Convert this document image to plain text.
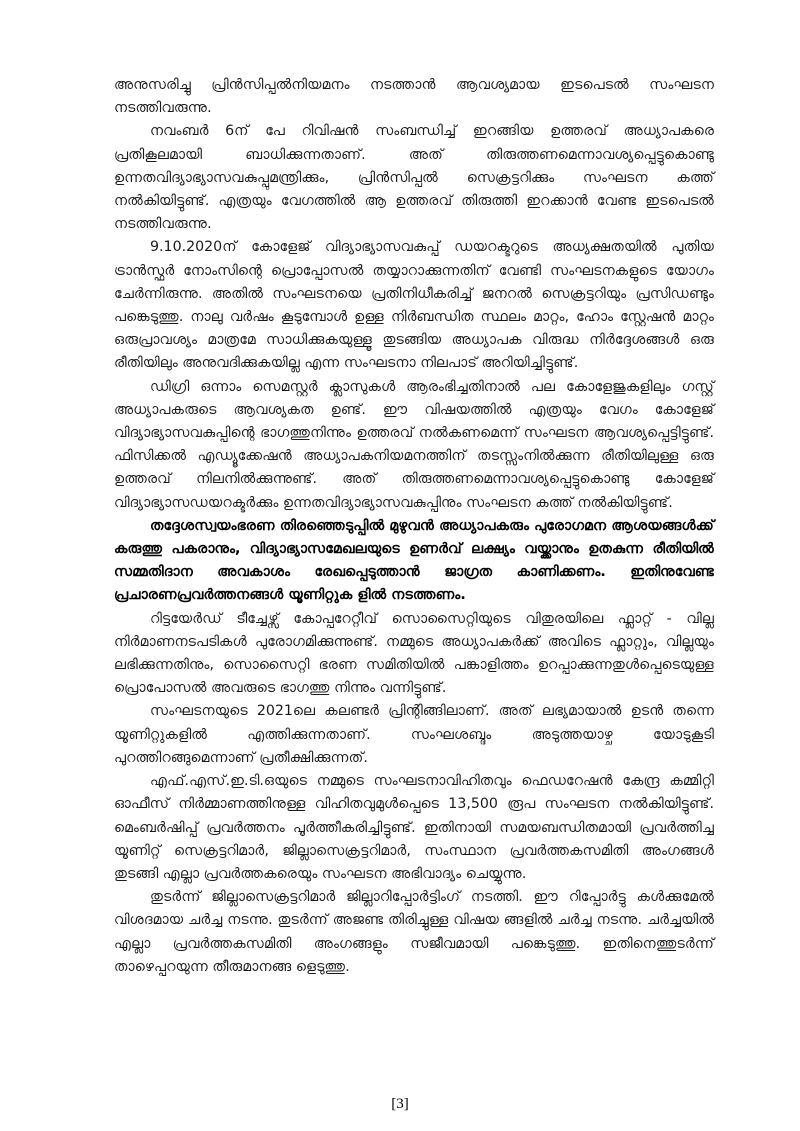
അനുസരിച്ചു പ്രിൻസിപ്പൽനിയമനം നടത്താൻ ആവശ്യമായ ഇടപെടൽ സംഘടന നടത്തിവരുന്നു.

നവംബർ 6ന് പേ റിവിഷൻ സംബന്ധിച്ച് ഇറങ്ങിയ ഉത്തരവ് അധ്യാപകരെ പ്രതികൂലമായി ബാധിക്കുന്നതാണ്. അത് തിരുത്തണമെന്നാവശ്യപ്പെട്ടുകൊണ്ടു ഉന്നതവിദ്യാഭ്യാസവകുപ്പുമന്ത്രിക്കും, പ്രിൻസിപ്പൽ സെക്രട്ടറിക്കും സംഘടന കത്ത് നൽകിയിട്ടുണ്ട്. എത്രയും വേഗത്തിൽ ആ ഉത്തരവ് തിരുത്തി ഇറക്കാൻ വേണ്ട ഇടപെടൽ നടത്തിവരുന്നു.

9.10.2020ന് കോളേജ് വിദ്യാഭ്യാസവകുപ്പ് ഡയറക്ടറുടെ അധ്യക്ഷതയിൽ പുതിയ ട്രാൻസ്ഫർ നോംസിന്റെ പ്രൊപ്പോസൽ തയ്യാറാക്കുന്നതിന് വേണ്ടി സംഘടനകളുടെ യോഗം ചേർന്നിരുന്നു. അതിൽ സംഘടനയെ പ്രതിനിധീകരിച്ച് ജനറൽ സെക്രട്ടറിയും പ്രസിഡണ്ടും പങ്കെടുത്തു. നാലു വർഷം കൂടുമ്പോൾ ഉള്ള നിർബന്ധിത സ്ഥലം മാറ്റം, ഹോം സ്റ്റേഷൻ മാറ്റം ഒരുപ്രാവശ്യം മാത്രമേ സാധിക്കുകയുള്ളൂ തുടങ്ങിയ അധ്യാപക വിരുദ്ധ നിർദ്ദേശങ്ങൾ ഒരു രീതിയിലും അനുവദിക്കുകയില്ല എന്ന സംഘടനാ നിലപാട് അറിയിച്ചിട്ടുണ്ട്.

ഡിഗ്രി ഒന്നാം സെമസ്റ്റർ ക്ലാസുകൾ ആരംഭിച്ചതിനാൽ പല കോളേജുകളിലും ഗസ്റ്റ് അധ്യാപകരുടെ ആവശ്യകത ഉണ്ട്. ഈ വിഷയത്തിൽ എത്രയും വേഗം കോളേജ് വിദ്യാഭ്യാസവകുപ്പിന്റെ ഭാഗത്തുനിന്നും ഉത്തരവ് നൽകണമെന്ന് സംഘടന ആവശ്യപ്പെട്ടിട്ടുണ്ട്. ഫിസിക്കൽ എഡ്യൂക്കേഷൻ അധ്യാപകനിയമനത്തിന് തടസ്സംനിൽക്കുന്ന രീതിയിലുള്ള ഒരു ഉത്തരവ് നിലനിൽക്കുന്നുണ്ട്. അത് തിരുത്തണമെന്നാവശ്യപ്പെട്ടുകൊണ്ടു കോളേജ് വിദ്യാഭ്യാസഡയറക്ടർക്കും ഉന്നതവിദ്യാഭ്യാസവകുപ്പിനും സംഘടന കത്ത് നൽകിയിട്ടുണ്ട്.

തദ്ദേശസ്വയംഭരണ തിരഞ്ഞെടുപ്പിൽ മുഴുവൻ അധ്യാപകരും പുരോഗമന ആശയങ്ങൾക്ക് കരുത്തു പകരാനും, വിദ്യാഭ്യാസമേഖലയുടെ ഉണർവ് ലക്ഷ്യം വയ്ക്കാനും ഉതകുന്ന രീതിയിൽ സമ്മതിദാന അവകാശം രേഖപ്പെടുത്താൻ ജാഗ്രത കാണിക്കണം. ഇതിനുവേണ്ട പ്രചാരണപ്രവർത്തനങ്ങൾ യൂണിറ്റുക ളിൽ നടത്തണം.

റിട്ടയേർഡ് ടീച്ചേഴ്സ് കോപ്പറേറ്റീവ് സൊസൈറ്റിയുടെ വിതുരയിലെ ഫ്ലാറ്റ് - വില്ല നിർമാണനടപടികൾ പുരോഗമിക്കുന്നുണ്ട്. നമ്മുടെ അധ്യാപകർക്ക് അവിടെ ഫ്ലാറ്റും, വില്ലയും ലഭിക്കുന്നതിനും, സൊസൈറ്റി ഭരണ സമിതിയിൽ പങ്കാളിത്തം ഉറപ്പാക്കുന്നതുൾപ്പെടെയുള്ള പ്രൊപോസൽ അവരുടെ ഭാഗത്തു നിന്നും വന്നിട്ടുണ്ട്.

സംഘടനയുടെ 2021ലെ കലണ്ടർ പ്രിന്റിങ്ങിലാണ്. അത് ലഭ്യമായാൽ ഉടൻ തന്നെ യൂണിറ്റുകളിൽ എത്തിക്കുന്നതാണ്. സംഘശബ്ദം അടുത്തയാഴ്ച യോടുകൂടി പുറത്തിറങ്ങുമെന്നാണ് പ്രതീക്ഷിക്കുന്നത്.

എഫ്.എസ്.ഇ.ടി.ഒയുടെ നമ്മുടെ സംഘടനാവിഹിതവും ഫെഡറേഷൻ കേന്ദ്ര കമ്മിറ്റി ഓഫീസ് നിർമ്മാണത്തിനുള്ള വിഹിതവുമുൾപ്പെടെ 13,500 രൂപ സംഘടന നൽകിയിട്ടുണ്ട്. മെംബർഷിപ്പ് പ്രവർത്തനം പൂർത്തീകരിച്ചിട്ടുണ്ട്. ഇതിനായി സമയബന്ധിതമായി പ്രവർത്തിച്ച യൂണിറ്റ് സെക്രട്ടറിമാർ, ജില്ലാസെക്രട്ടറിമാർ, സംസ്ഥാന പ്രവർത്തകസമിതി അംഗങ്ങൾ തുടങ്ങി എല്ലാ പ്രവർത്തകരെയും സംഘടന അഭിവാദ്യം ചെയ്യുന്നു.

തുടർന്ന് ജില്ലാസെക്രട്ടറിമാർ ജില്ലാറിപ്പോർട്ടിംഗ് നടത്തി. ഈ റിപ്പോർട്ടു കൾക്കുമേൽ വിശദമായ ചർച്ച നടന്നു. തുടർന്ന് അജണ്ട തിരിച്ചുള്ള വിഷയ ങ്ങളിൽ ചർച്ച നടന്നു. ചർച്ചയിൽ എല്ലാ പ്രവർത്തകസമിതി അംഗങ്ങളും സജീവമായി പങ്കെടുത്തു. ഇതിനെത്തുടർന്ന് താഴെപ്പറയുന്ന തീരുമാനങ്ങ ളെടുത്തു.

[3]
